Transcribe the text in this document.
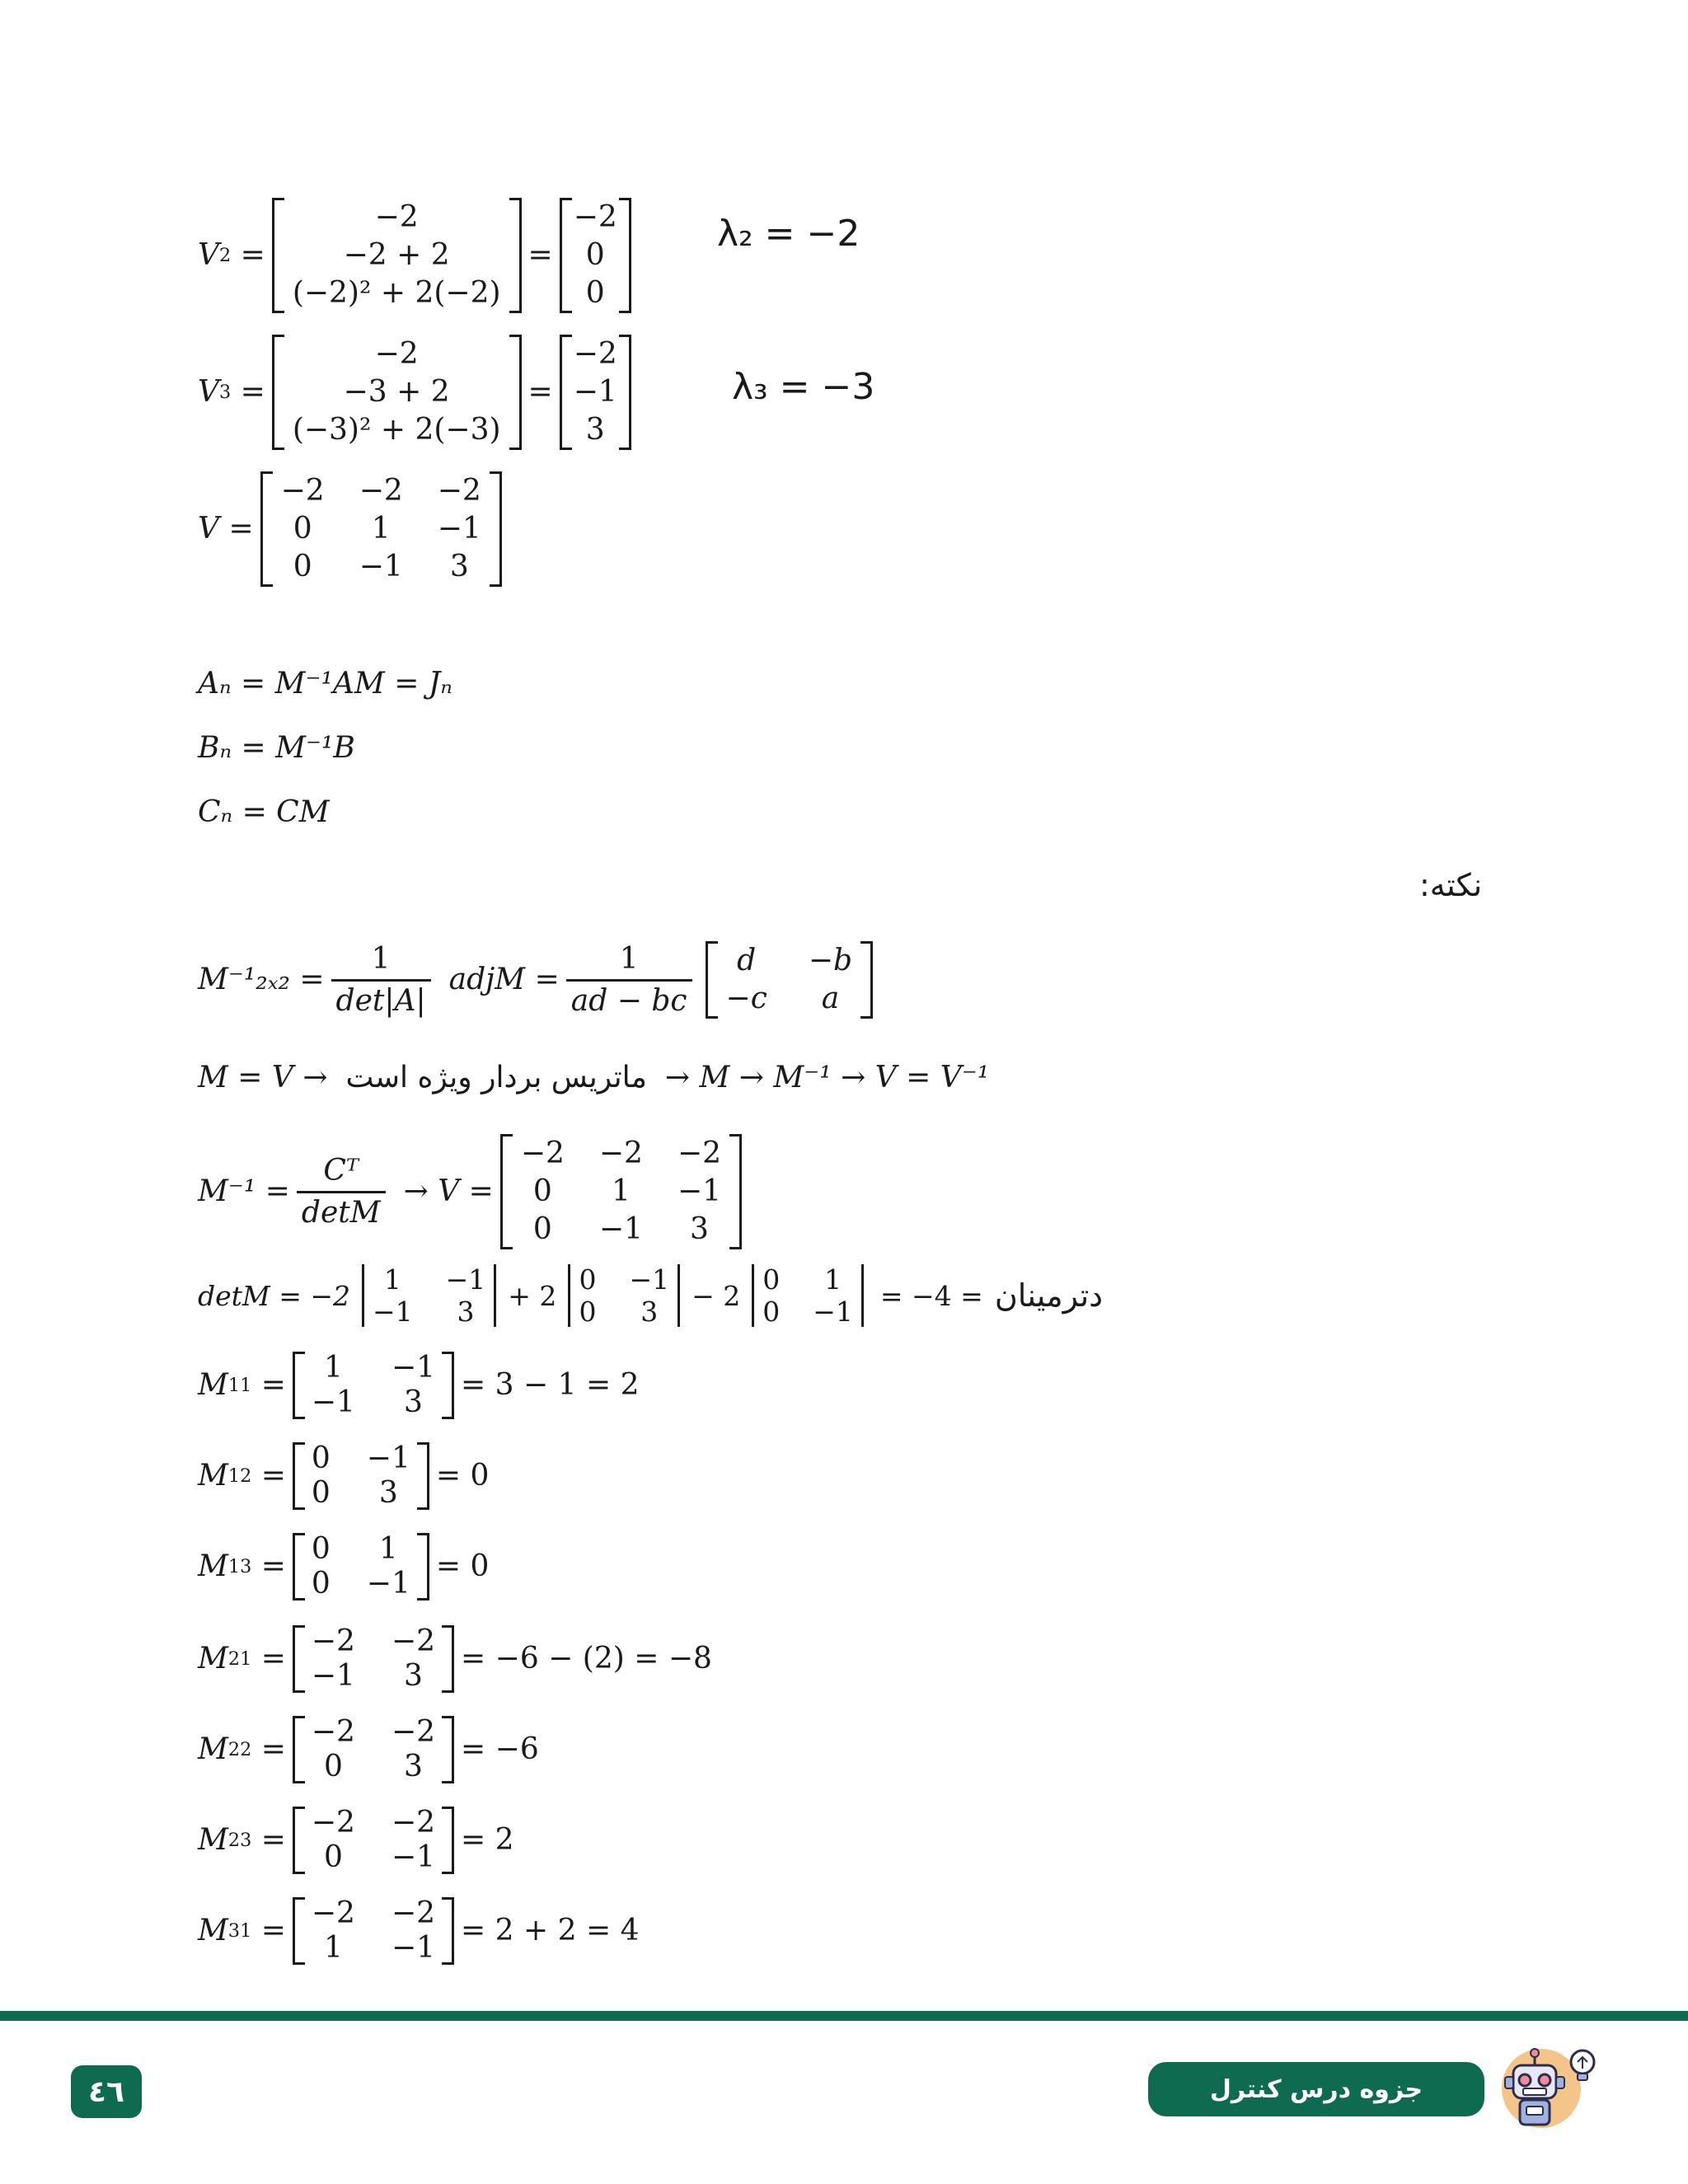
V 2 =
−2
−2 + 2
(−2)² + 2(−2)
=
−2
0
0
λ₂ = −2
V 3 =
−2
−3 + 2
(−3)² + 2(−3)
=
−2
−1
3
λ₃ = −3
V =
−2 −2 −2
0 1 −1
0 −1 3
Aₙ = M⁻¹AM = Jₙ
Bₙ = M⁻¹B
Cₙ = CM
نکته:
$M^{-1}_{2x2} = \frac{1}{\det|A|}$ adjM = $\frac{1}{ad - bc}$ d −b
−c a
M = V → ماتریس بردار ویژه است → M → M⁻¹ → V = V⁻¹
$M^{-1} = \frac{\text{Cᵀ}}{\det M} \to V$ =
−2 −2 −2
0 1 −1
0 −1 3
detM = −2 1 −1
−1 3 + 2 0 −1
0 3 − 2 0 1
0 −1 = −4 = دترمینان
M 11 =
1 −1
−1 3
= 3 − 1 = 2
M 12 =
0 −1
0 3
= 0
M 13 =
0 1
0 −1
= 0
M 21 =
−2 −2
−1 3
= −6 − (2) = −8
M 22 =
−2 −2
0 3
= −6
M 23 =
−2 −2
0 −1
= 2
M 31 =
−2 −2
1 −1
= 2 + 2 = 4
٤٦	جزوه درس کنترل
